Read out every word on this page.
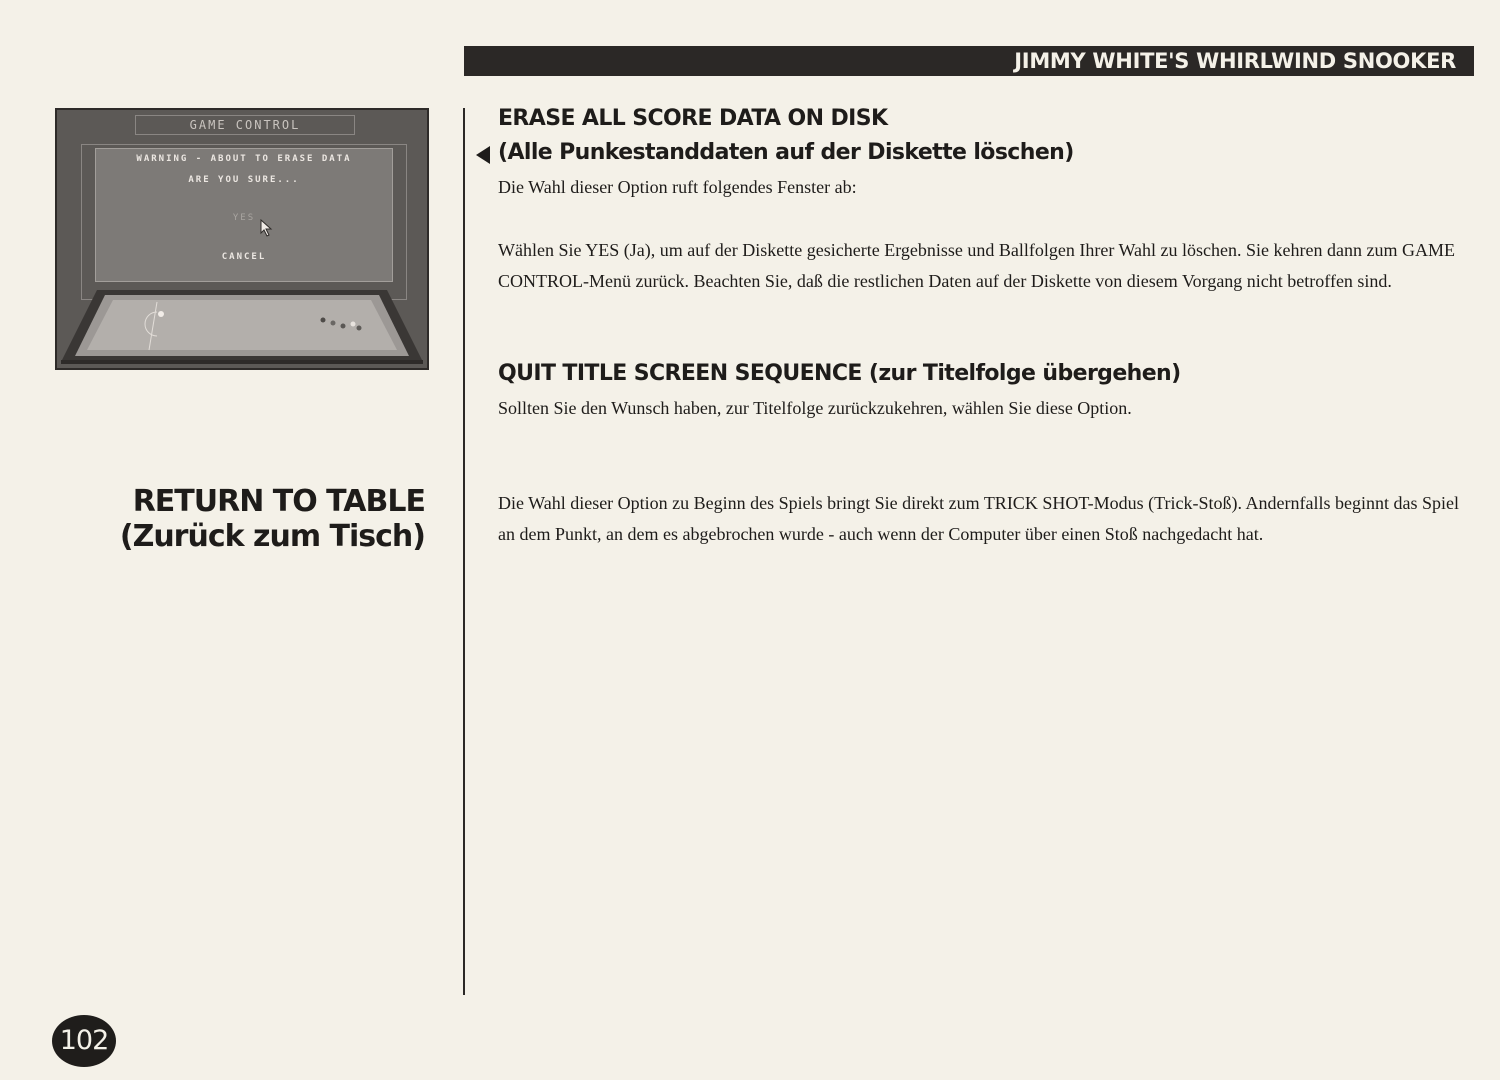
JIMMY WHITE'S WHIRLWIND SNOOKER
GAME CONTROL
WARNING - ABOUT TO ERASE DATA
ARE YOU SURE...
YES
CANCEL
ERASE ALL SCORE DATA ON DISK
(Alle Punkestanddaten auf der Diskette löschen)

Die Wahl dieser Option ruft folgendes Fenster ab:

Wählen Sie YES (Ja), um auf der Diskette gesicherte Ergebnisse und Ballfolgen Ihrer Wahl zu löschen. Sie kehren dann zum GAME CONTROL-Menü zurück. Beachten Sie, daß die restlichen Daten auf der Diskette von diesem Vorgang nicht betroffen sind.

QUIT TITLE SCREEN SEQUENCE (zur Titelfolge übergehen)

Sollten Sie den Wunsch haben, zur Titelfolge zurückzukehren, wählen Sie diese Option.

RETURN TO TABLE
(Zurück zum Tisch)

Die Wahl dieser Option zu Beginn des Spiels bringt Sie direkt zum TRICK SHOT-Modus (Trick-Stoß). Andernfalls beginnt das Spiel an dem Punkt, an dem es abgebrochen wurde - auch wenn der Computer über einen Stoß nachgedacht hat.

102
